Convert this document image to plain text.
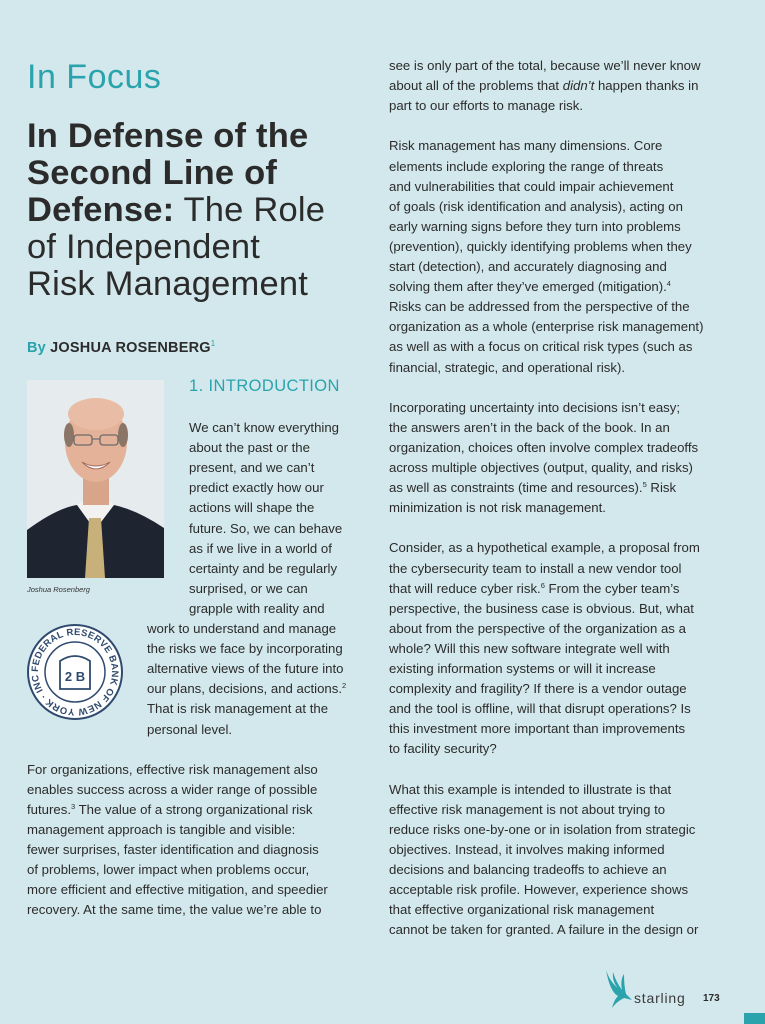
In Focus
In Defense of the
Second Line of
Defense: The Role
of Independent
Risk Management
By JOSHUA ROSENBERG$^1$
Joshua Rosenberg
FEDERAL RESERVE BANK OF NEW YORK · INC	2 B
1. INTRODUCTION
We can’t know everything
about the past or the
present, and we can’t
predict exactly how our
actions will shape the
future. So, we can behave
as if we live in a world of
certainty and be regularly
surprised, or we can
grapple with reality and
work to understand and manage
the risks we face by incorporating
alternative views of the future into
our plans, decisions, and actions.$^2$
That is risk management at the
personal level.
For organizations, effective risk management also
enables success across a wider range of possible
futures.$^3$ The value of a strong organizational risk
management approach is tangible and visible:
fewer surprises, faster identification and diagnosis
of problems, lower impact when problems occur,
more efficient and effective mitigation, and speedier
recovery. At the same time, the value we’re able to
see is only part of the total, because we’ll never know
about all of the problems that didn’t happen thanks in
part to our efforts to manage risk.
Risk management has many dimensions. Core
elements include exploring the range of threats
and vulnerabilities that could impair achievement
of goals (risk identification and analysis), acting on
early warning signs before they turn into problems
(prevention), quickly identifying problems when they
start (detection), and accurately diagnosing and
solving them after they’ve emerged (mitigation).$^4$
Risks can be addressed from the perspective of the
organization as a whole (enterprise risk management)
as well as with a focus on critical risk types (such as
financial, strategic, and operational risk).
Incorporating uncertainty into decisions isn’t easy;
the answers aren’t in the back of the book. In an
organization, choices often involve complex tradeoffs
across multiple objectives (output, quality, and risks)
as well as constraints (time and resources).$^5$ Risk
minimization is not risk management.
Consider, as a hypothetical example, a proposal from
the cybersecurity team to install a new vendor tool
that will reduce cyber risk.$^6$ From the cyber team’s
perspective, the business case is obvious. But, what
about from the perspective of the organization as a
whole? Will this new software integrate well with
existing information systems or will it increase
complexity and fragility? If there is a vendor outage
and the tool is offline, will that disrupt operations? Is
this investment more important than improvements
to facility security?
What this example is intended to illustrate is that
effective risk management is not about trying to
reduce risks one-by-one or in isolation from strategic
objectives. Instead, it involves making informed
decisions and balancing tradeoffs to achieve an
acceptable risk profile. However, experience shows
that effective organizational risk management
cannot be taken for granted. A failure in the design or
starling 173
